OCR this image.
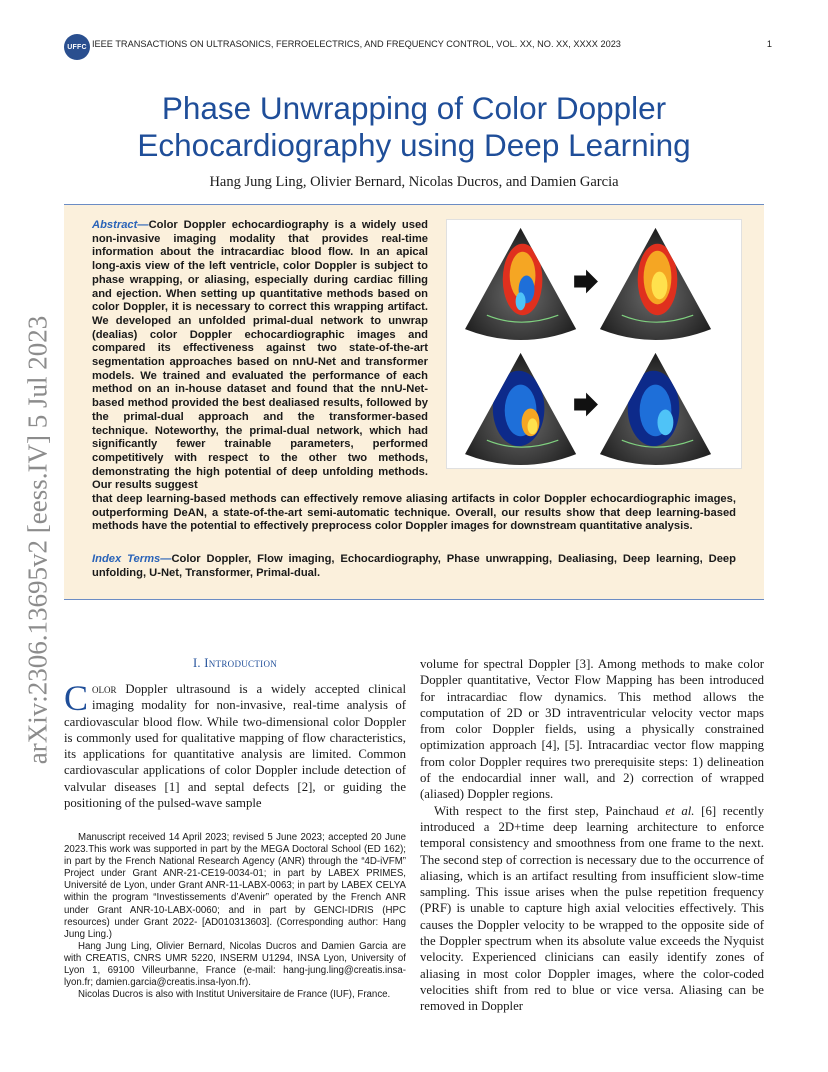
UFFC IEEE TRANSACTIONS ON ULTRASONICS, FERROELECTRICS, AND FREQUENCY CONTROL, VOL. XX, NO. XX, XXXX 2023	1
arXiv:2306.13695v2 [eess.IV] 5 Jul 2023
Phase Unwrapping of Color Doppler
Echocardiography using Deep Learning
Hang Jung Ling, Olivier Bernard, Nicolas Ducros, and Damien Garcia
Abstract—Color Doppler echocardiography is a widely used non-invasive imaging modality that provides real-time information about the intracardiac blood flow. In an apical long-axis view of the left ventricle, color Doppler is subject to phase wrapping, or aliasing, especially during cardiac filling and ejection. When setting up quantitative methods based on color Doppler, it is necessary to correct this wrapping artifact. We developed an unfolded primal-dual network to unwrap (dealias) color Doppler echocardiographic images and compared its effectiveness against two state-of-the-art segmentation approaches based on nnU-Net and transformer models. We trained and evaluated the performance of each method on an in-house dataset and found that the nnU-Net-based method provided the best dealiased results, followed by the primal-dual approach and the transformer-based technique. Noteworthy, the primal-dual network, which had significantly fewer trainable parameters, performed competitively with respect to the other two methods, demonstrating the high potential of deep unfolding methods. Our results suggest
that deep learning-based methods can effectively remove aliasing artifacts in color Doppler echocardiographic images, outperforming DeAN, a state-of-the-art semi-automatic technique. Overall, our results show that deep learning-based methods have the potential to effectively preprocess color Doppler images for downstream quantitative analysis.
Index Terms—Color Doppler, Flow imaging, Echocardiography, Phase unwrapping, Dealiasing, Deep learning, Deep unfolding, U-Net, Transformer, Primal-dual.
I. Introduction
Color Doppler ultrasound is a widely accepted clinical imaging modality for non-invasive, real-time analysis of cardiovascular blood flow. While two-dimensional color Doppler is commonly used for qualitative mapping of flow characteristics, its applications for quantitative analysis are limited. Common cardiovascular applications of color Doppler include detection of valvular diseases [1] and septal defects [2], or guiding the positioning of the pulsed-wave sample
volume for spectral Doppler [3]. Among methods to make color Doppler quantitative, Vector Flow Mapping has been introduced for intracardiac flow dynamics. This method allows the computation of 2D or 3D intraventricular velocity vector maps from color Doppler fields, using a physically constrained optimization approach [4], [5]. Intracardiac vector flow mapping from color Doppler requires two prerequisite steps: 1) delineation of the endocardial inner wall, and 2) correction of wrapped (aliased) Doppler regions.
With respect to the first step, Painchaud et al. [6] recently introduced a 2D+time deep learning architecture to enforce temporal consistency and smoothness from one frame to the next. The second step of correction is necessary due to the occurrence of aliasing, which is an artifact resulting from insufficient slow-time sampling. This issue arises when the pulse repetition frequency (PRF) is unable to capture high axial velocities effectively. This causes the Doppler velocity to be wrapped to the opposite side of the Doppler spectrum when its absolute value exceeds the Nyquist velocity. Experienced clinicians can easily identify zones of aliasing in most color Doppler images, where the color-coded velocities shift from red to blue or vice versa. Aliasing can be removed in Doppler

Manuscript received 14 April 2023; revised 5 June 2023; accepted 20 June 2023.This work was supported in part by the MEGA Doctoral School (ED 162); in part by the French National Research Agency (ANR) through the “4D-iVFM” Project under Grant ANR-21-CE19-0034-01; in part by LABEX PRIMES, Université de Lyon, under Grant ANR-11-LABX-0063; in part by LABEX CELYA within the program “Investissements d’Avenir” operated by the French ANR under Grant ANR-10-LABX-0060; and in part by GENCI-IDRIS (HPC resources) under Grant 2022- [AD010313603]. (Corresponding author: Hang Jung Ling.)

Hang Jung Ling, Olivier Bernard, Nicolas Ducros and Damien Garcia are with CREATIS, CNRS UMR 5220, INSERM U1294, INSA Lyon, University of Lyon 1, 69100 Villeurbanne, France (e-mail: hang-jung.ling@creatis.insa-lyon.fr; damien.garcia@creatis.insa-lyon.fr).

Nicolas Ducros is also with Institut Universitaire de France (IUF), France.
